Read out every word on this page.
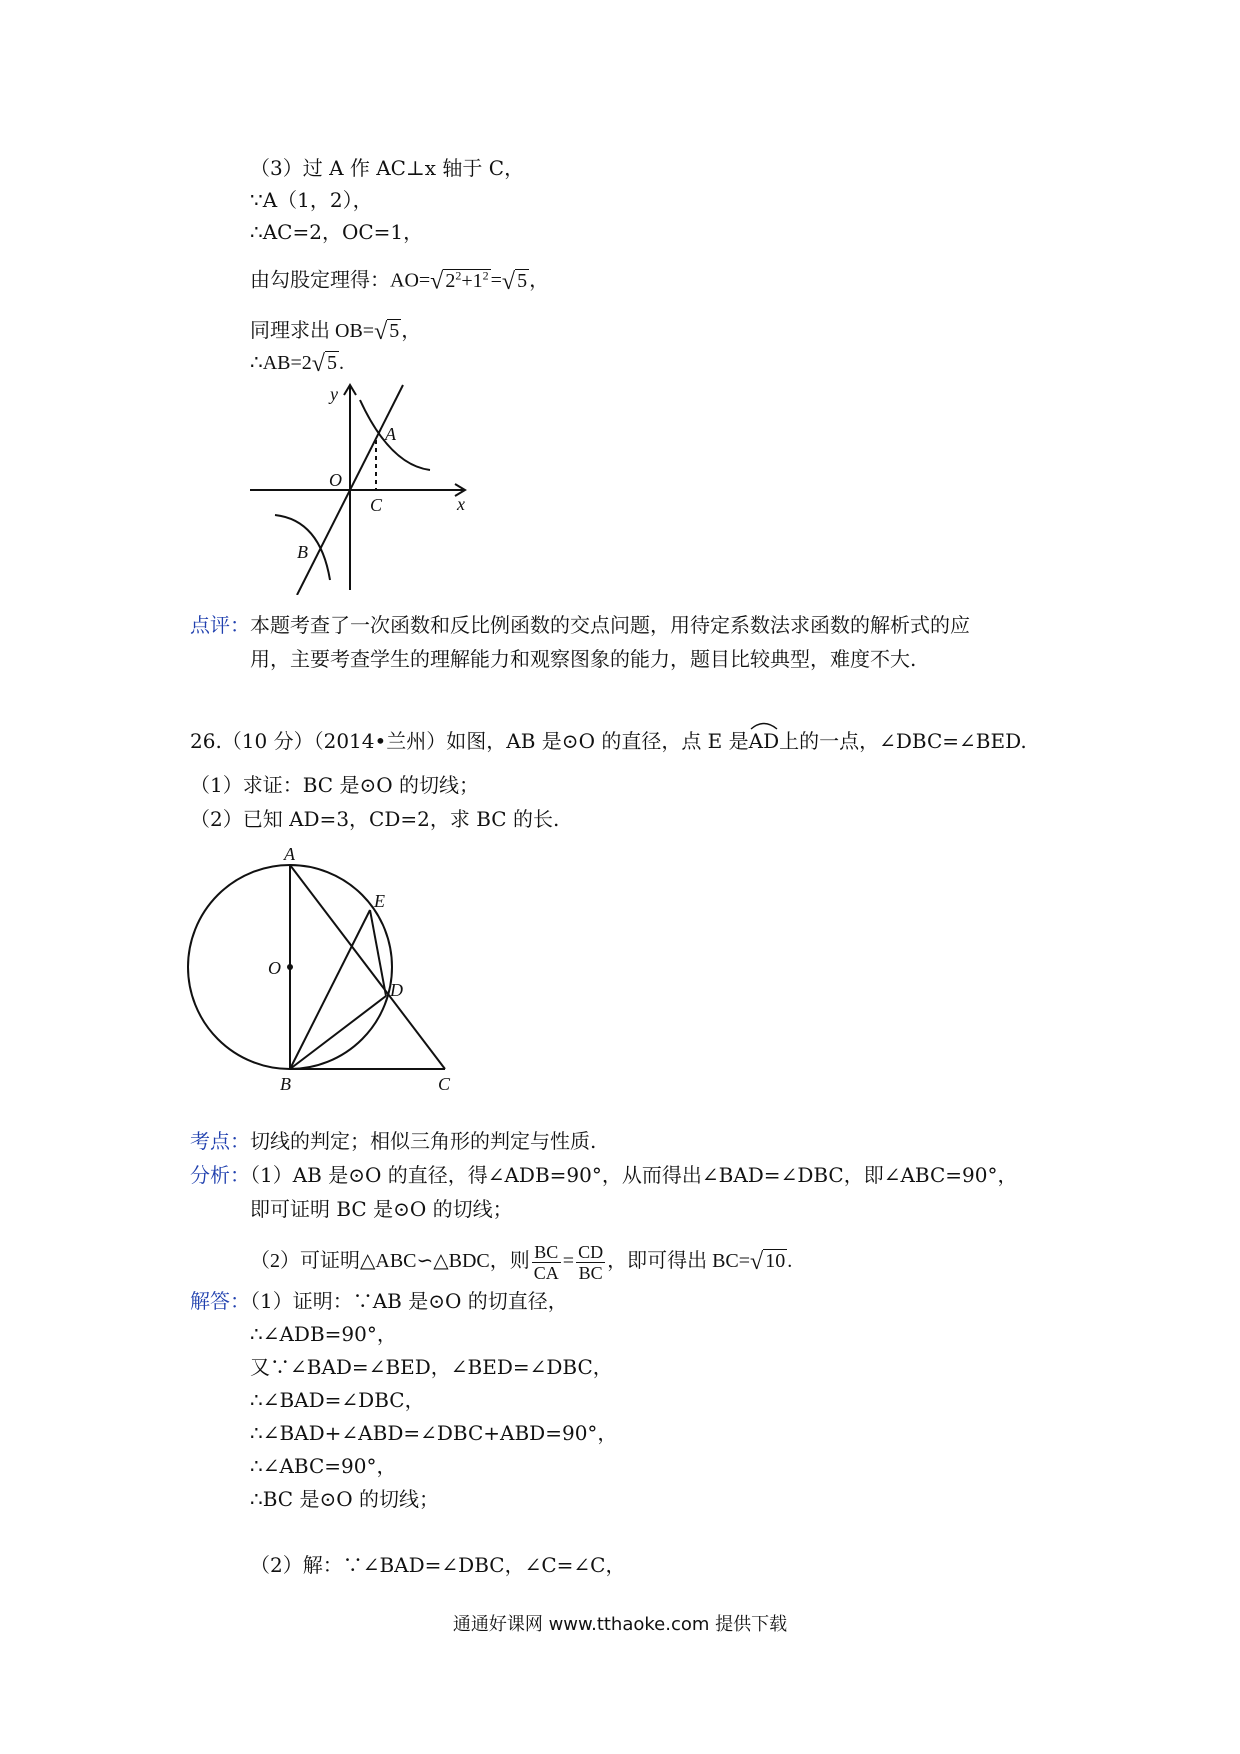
（3）过 A 作 AC⊥x 轴于 C，
∵A（1，2），
∴AC=2，OC=1，
由勾股定理得：AO=√ $2^2+1^2$ =√ 5 ，
同理求出 OB=√ 5 ，
∴AB=2√ 5 .
y
x
O
A
C
B
点评：本题考查了一次函数和反比例函数的交点问题，用待定系数法求函数的解析式的应
用，主要考查学生的理解能力和观察图象的能力，题目比较典型，难度不大.
26.（10 分）（2014•兰州）如图，AB 是⊙O 的直径，点 E 是
AD上的一点，∠DBC=∠BED.
（1）求证：BC 是⊙O 的切线；
（2）已知 AD=3，CD=2，求 BC 的长.
A
E
O
D
B	C
考点：切线的判定；相似三角形的判定与性质.
分析：（1）AB 是⊙O 的直径，得∠ADB=90°，从而得出∠BAD=∠DBC，即∠ABC=90°，
即可证明 BC 是⊙O 的切线；
（2）可证明△ABC∽△BDC，则 $\frac{BC}{CA} = \frac{CD}{BC}$ ，即可得出 BC=√ 10 .
解答：（1）证明：∵AB 是⊙O 的切直径，
∴∠ADB=90°，
又∵∠BAD=∠BED，∠BED=∠DBC，
∴∠BAD=∠DBC，
∴∠BAD+∠ABD=∠DBC+ABD=90°，
∴∠ABC=90°，
∴BC 是⊙O 的切线；
（2）解：∵∠BAD=∠DBC，∠C=∠C，
通通好课网 www.tthaoke.com 提供下载
